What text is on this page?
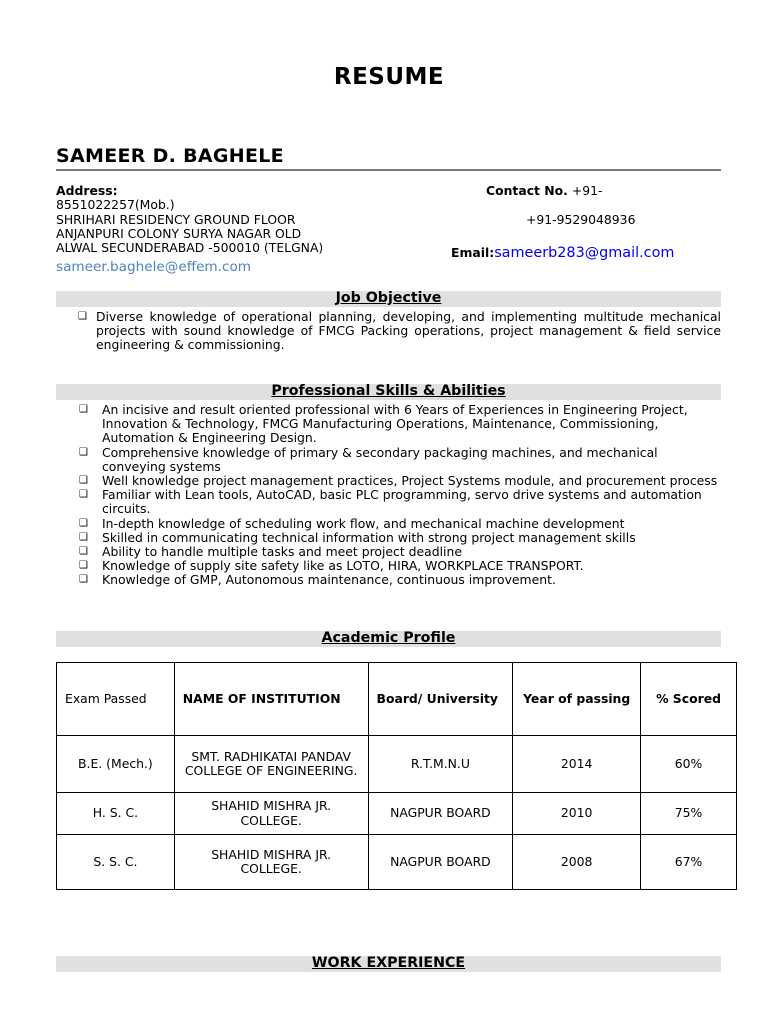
RESUME
SAMEER D. BAGHELE
Address:
8551022257(Mob.)
SHRIHARI RESIDENCY GROUND FLOOR
ANJANPURI COLONY SURYA NAGAR OLD
ALWAL SECUNDERABAD -500010 (TELGNA)
sameer.baghele@effem.com
Contact No. +91-
+91-9529048936
Email:sameerb283@gmail.com
Job Objective
❑ Diverse knowledge of operational planning, developing, and implementing multitude mechanical projects with sound knowledge of FMCG Packing operations, project management & field service engineering & commissioning.
Professional Skills & Abilities
❑ An incisive and result oriented professional with 6 Years of Experiences in Engineering Project, Innovation & Technology, FMCG Manufacturing Operations, Maintenance, Commissioning, Automation & Engineering Design.
❑ Comprehensive knowledge of primary & secondary packaging machines, and mechanical conveying systems
❑ Well knowledge project management practices, Project Systems module, and procurement process
❑ Familiar with Lean tools, AutoCAD, basic PLC programming, servo drive systems and automation circuits.
❑ In-depth knowledge of scheduling work flow, and mechanical machine development
❑ Skilled in communicating technical information with strong project management skills
❑ Ability to handle multiple tasks and meet project deadline
❑ Knowledge of supply site safety like as LOTO, HIRA, WORKPLACE TRANSPORT.
❑ Knowledge of GMP, Autonomous maintenance, continuous improvement.
Academic Profile
Exam Passed	NAME OF INSTITUTION	Board/ University	Year of passing	% Scored
B.E. (Mech.)	SMT. RADHIKATAI PANDAV COLLEGE OF ENGINEERING.	R.T.M.N.U	2014	60%
H. S. C.	SHAHID MISHRA JR. COLLEGE.	NAGPUR BOARD	2010	75%
S. S. C.	SHAHID MISHRA JR. COLLEGE.	NAGPUR BOARD	2008	67%
WORK EXPERIENCE
